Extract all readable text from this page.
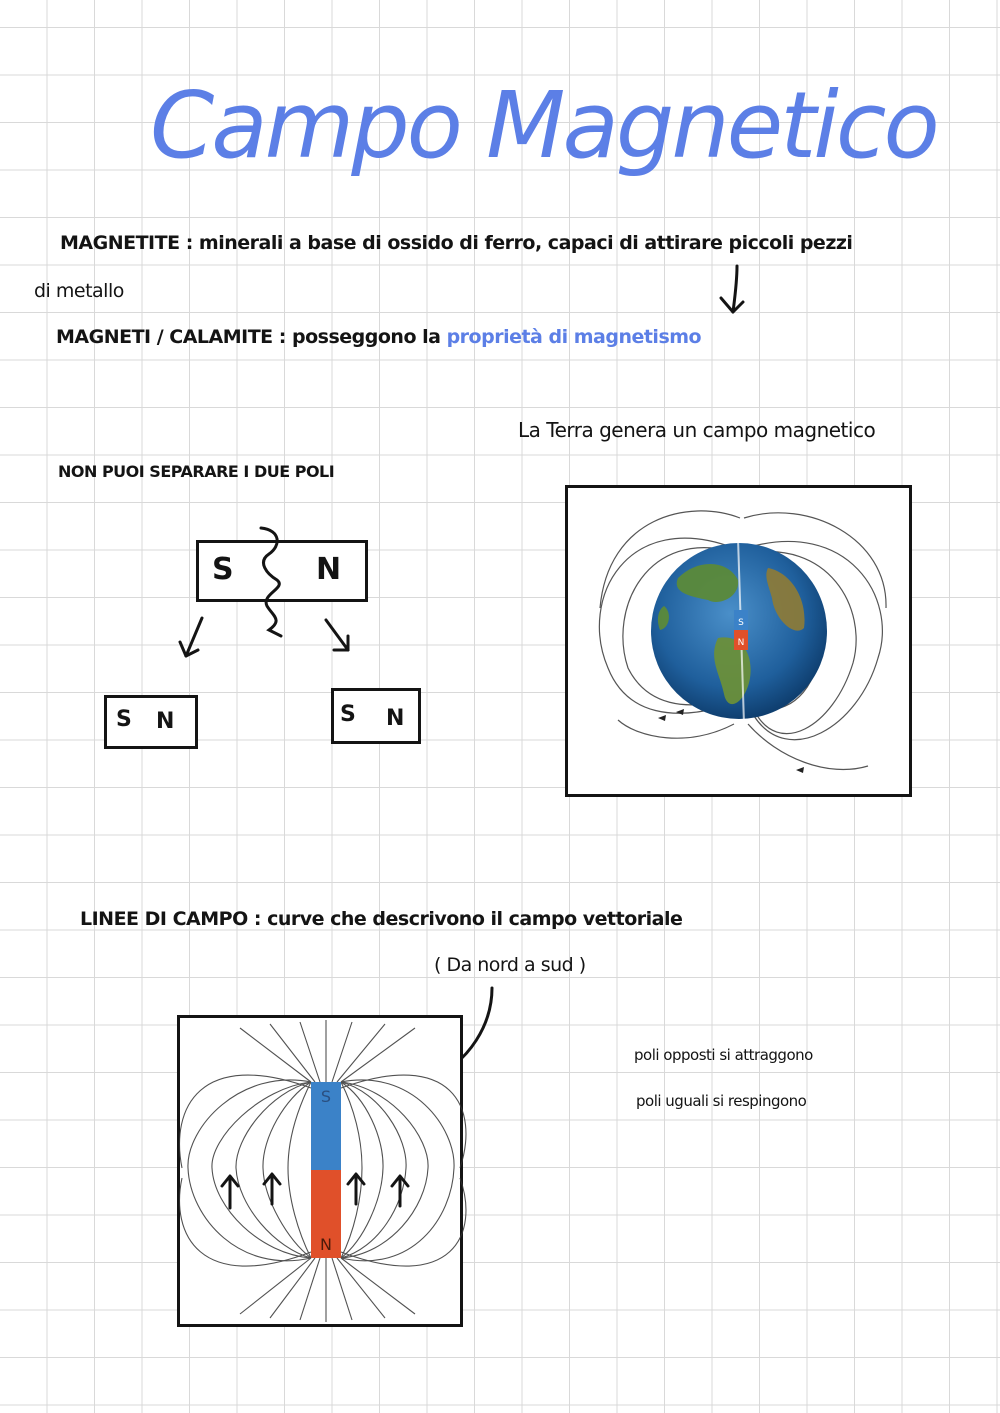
Campo Magnetico
MAGNETITE : minerali a base di ossido di ferro, capaci di attirare piccoli pezzi
di metallo
MAGNETI / CALAMITE : posseggono la proprietà di magnetismo
La Terra genera un campo magnetico
NON PUOI SEPARARE I DUE POLI
S	N
S N	S N
S
N
LINEE DI CAMPO : curve che descrivono il campo vettoriale
( Da nord a sud )
S
N
poli opposti si attraggono
poli uguali si respingono
